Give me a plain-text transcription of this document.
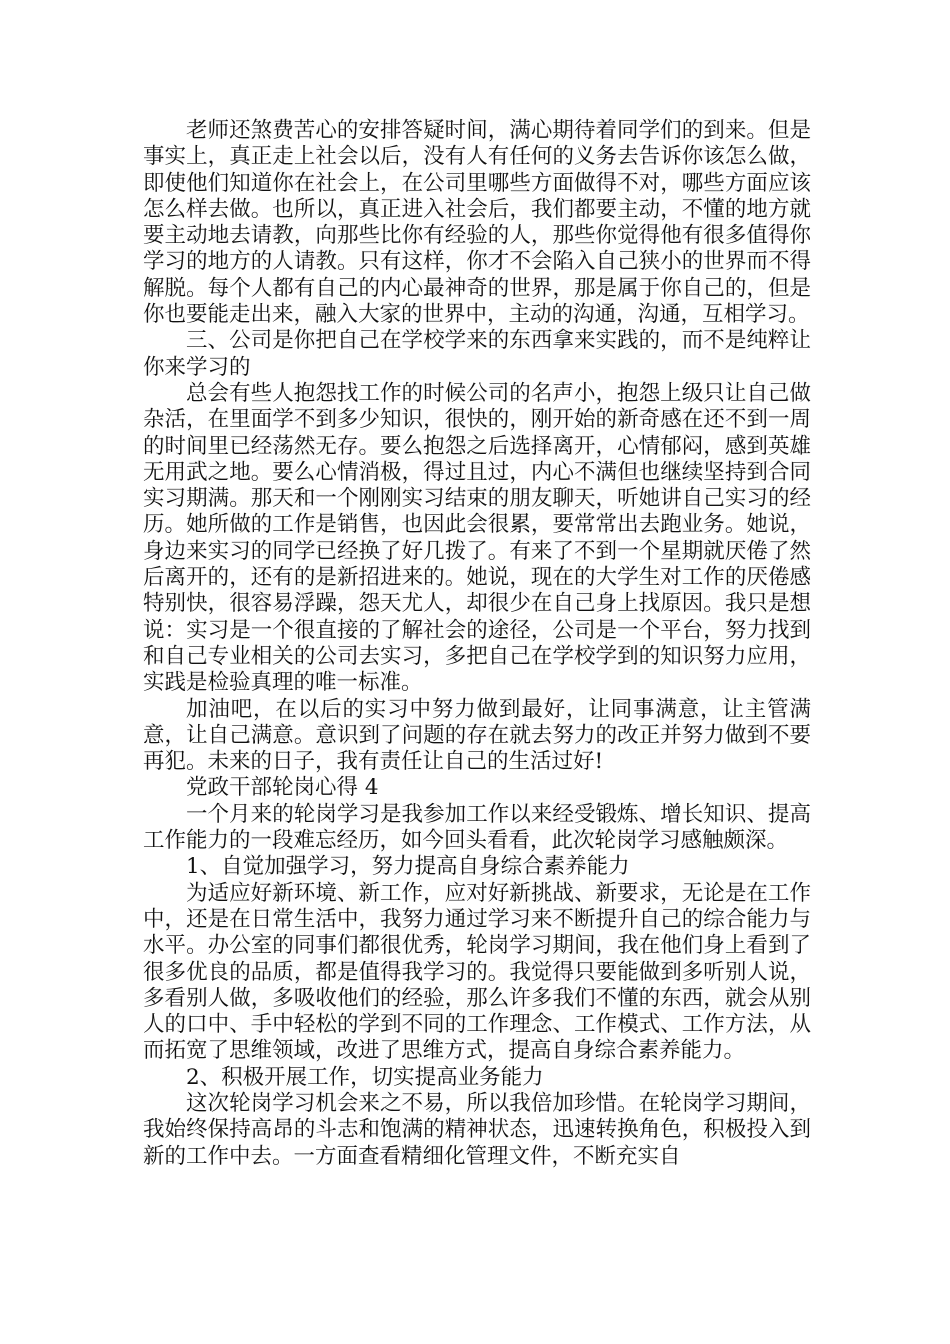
老师还煞费苦心的安排答疑时间，满心期待着同学们的到来。但是事实上，真正走上社会以后，没有人有任何的义务去告诉你该怎么做，即使他们知道你在社会上，在公司里哪些方面做得不对，哪些方面应该怎么样去做。也所以，真正进入社会后，我们都要主动，不懂的地方就要主动地去请教，向那些比你有经验的人，那些你觉得他有很多值得你学习的地方的人请教。只有这样，你才不会陷入自己狭小的世界而不得解脱。每个人都有自己的内心最神奇的世界，那是属于你自己的，但是你也要能走出来，融入大家的世界中，主动的沟通，沟通，互相学习。

三、公司是你把自己在学校学来的东西拿来实践的，而不是纯粹让你来学习的

总会有些人抱怨找工作的时候公司的名声小，抱怨上级只让自己做杂活，在里面学不到多少知识，很快的，刚开始的新奇感在还不到一周的时间里已经荡然无存。要么抱怨之后选择离开，心情郁闷，感到英雄无用武之地。要么心情消极，得过且过，内心不满但也继续坚持到合同实习期满。那天和一个刚刚实习结束的朋友聊天，听她讲自己实习的经历。她所做的工作是销售，也因此会很累，要常常出去跑业务。她说，身边来实习的同学已经换了好几拨了。有来了不到一个星期就厌倦了然后离开的，还有的是新招进来的。她说，现在的大学生对工作的厌倦感特别快，很容易浮躁，怨天尤人，却很少在自己身上找原因。我只是想说：实习是一个很直接的了解社会的途径，公司是一个平台，努力找到和自己专业相关的公司去实习，多把自己在学校学到的知识努力应用，实践是检验真理的唯一标准。

加油吧，在以后的实习中努力做到最好，让同事满意，让主管满意，让自己满意。意识到了问题的存在就去努力的改正并努力做到不要再犯。未来的日子，我有责任让自己的生活过好!

党政干部轮岗心得 4

一个月来的轮岗学习是我参加工作以来经受锻炼、增长知识、提高工作能力的一段难忘经历，如今回头看看，此次轮岗学习感触颇深。

1、自觉加强学习，努力提高自身综合素养能力

为适应好新环境、新工作，应对好新挑战、新要求，无论是在工作中，还是在日常生活中，我努力通过学习来不断提升自己的综合能力与水平。办公室的同事们都很优秀，轮岗学习期间，我在他们身上看到了很多优良的品质，都是值得我学习的。我觉得只要能做到多听别人说，多看别人做，多吸收他们的经验，那么许多我们不懂的东西，就会从别人的口中、手中轻松的学到不同的工作理念、工作模式、工作方法，从而拓宽了思维领域，改进了思维方式，提高自身综合素养能力。

2、积极开展工作，切实提高业务能力

这次轮岗学习机会来之不易，所以我倍加珍惜。在轮岗学习期间，我始终保持高昂的斗志和饱满的精神状态，迅速转换角色，积极投入到新的工作中去。一方面查看精细化管理文件，不断充实自
